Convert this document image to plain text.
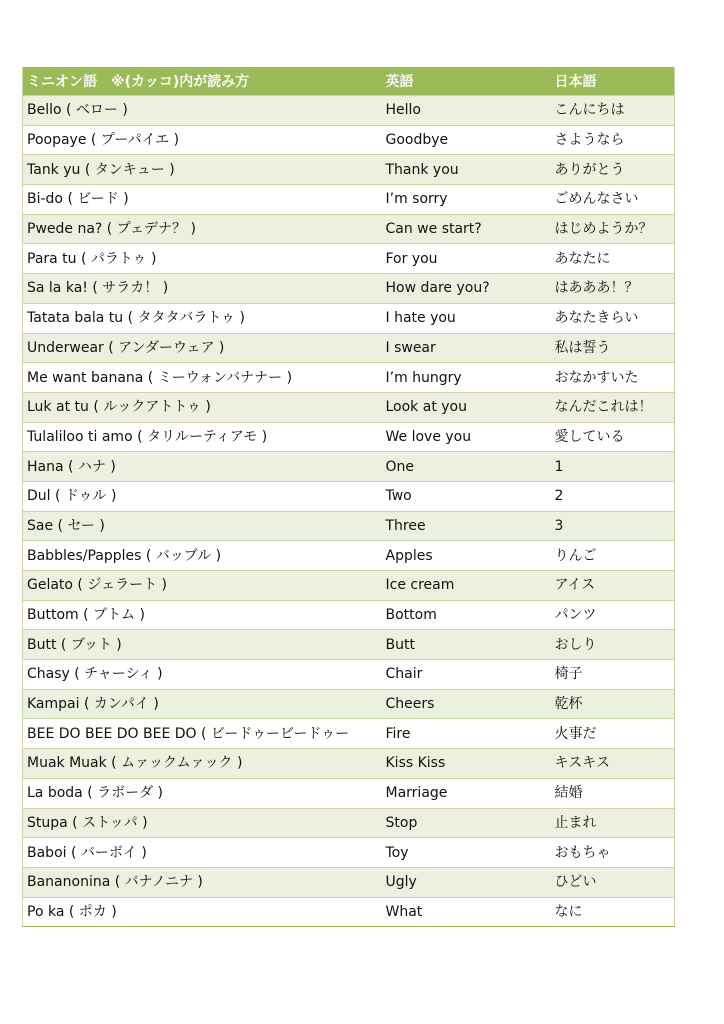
ミニオン語　※(カッコ)内が読み方	英語	日本語
Bello ( ベロー )	Hello	こんにちは
Poopaye ( プーパイエ )	Goodbye	さようなら
Tank yu ( タンキュー )	Thank you	ありがとう
Bi-do ( ビード )	I’m sorry	ごめんなさい
Pwede na? ( プェデナ？ )	Can we start?	はじめようか？
Para tu ( パラトゥ )	For you	あなたに
Sa la ka! ( サラカ！ )	How dare you?	はあああ！？
Tatata bala tu ( タタタバラトゥ )	I hate you	あなたきらい
Underwear ( アンダーウェア )	I swear	私は誓う
Me want banana ( ミーウォンバナナー )	I’m hungry	おなかすいた
Luk at tu ( ルックアトトゥ )	Look at you	なんだこれは！
Tulaliloo ti amo ( タリルーティアモ )	We love you	愛している
Hana ( ハナ )	One	1
Dul ( ドゥル )	Two	2
Sae ( セー )	Three	3
Babbles/Papples ( バッブル )	Apples	りんご
Gelato ( ジェラート )	Ice cream	アイス
Buttom ( ブトム )	Bottom	パンツ
Butt ( ブット )	Butt	おしり
Chasy ( チャーシィ )	Chair	椅子
Kampai ( カンパイ )	Cheers	乾杯
BEE DO BEE DO BEE DO ( ビードゥービードゥー	Fire	火事だ
Muak Muak ( ムァックムァック )	Kiss Kiss	キスキス
La boda ( ラボーダ )	Marriage	結婚
Stupa ( ストッパ )	Stop	止まれ
Baboi ( バーボイ )	Toy	おもちゃ
Bananonina ( バナノニナ )	Ugly	ひどい
Po ka ( ポカ )	What	なに
